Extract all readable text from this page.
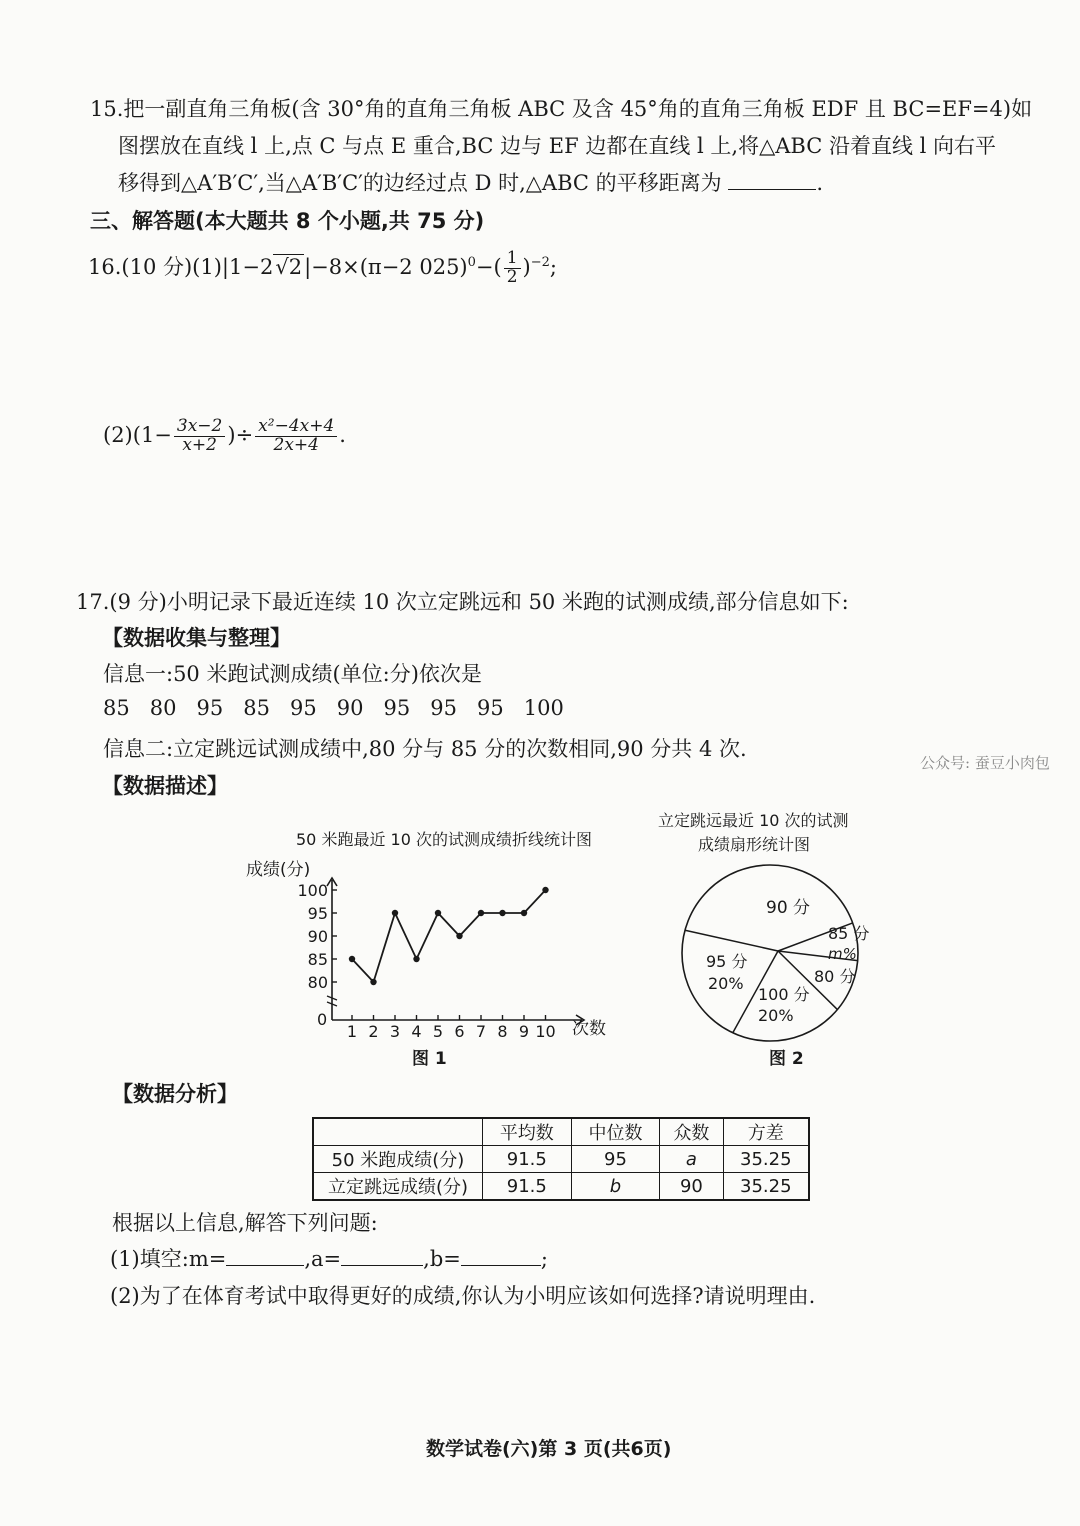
15.把一副直角三角板(含 30°角的直角三角板 ABC 及含 45°角的直角三角板 EDF 且 BC=EF=4)如
图摆放在直线 l 上,点 C 与点 E 重合,BC 边与 EF 边都在直线 l 上,将△ABC 沿着直线 l 向右平
移得到△A′B′C′,当△A′B′C′的边经过点 D 时,△ABC 的平移距离为	.
三、解答题(本大题共 8 个小题,共 75 分)
16.(10 分)(1)|1−2√2|−8×(π−2 $025)^0-( \frac{1}{2} )^{-2}$;
$(2)(1- \frac{3x-2}{x+2}$ )÷ $\frac{\text{x²−4x+4}}{2x+4}$ .
17.(9 分)小明记录下最近连续 10 次立定跳远和 50 米跑的试测成绩,部分信息如下:
【数据收集与整理】
信息一:50 米跑试测成绩(单位:分)依次是
85   80   95   85   95   90   95   95   95   100
信息二:立定跳远试测成绩中,80 分与 85 分的次数相同,90 分共 4 次.
公众号: 蚕豆小肉包
【数据描述】
50 米跑最近 10 次的试测成绩折线统计图
成绩(分)
80
85
90
95
100
1 2 3 4 5 6 7 8 9 10
0	次数
图 1
立定跳远最近 10 次的试测
成绩扇形统计图
90 分
85 分
m%
80 分
100 分
20%
95 分
20%
图 2
【数据分析】
	平均数	中位数	众数	方差
50 米跑成绩(分)	91.5	95	a	35.25
立定跳远成绩(分)	91.5	b	90	35.25
根据以上信息,解答下列问题:
(1)填空:m=	,a=	,b=	;
(2)为了在体育考试中取得更好的成绩,你认为小明应该如何选择?请说明理由.
数学试卷(六)第 3 页(共6页)
